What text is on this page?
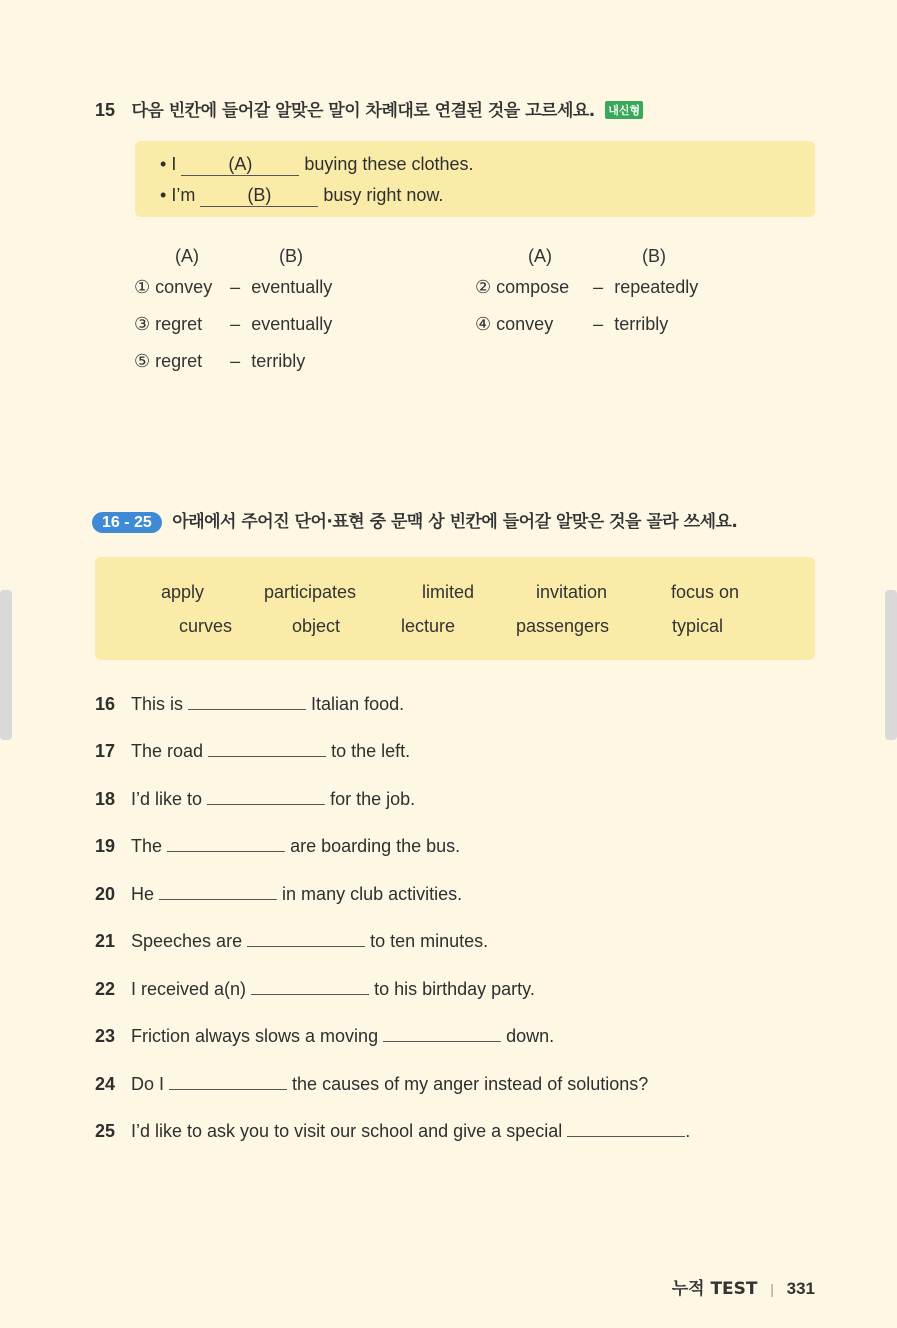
15 다음 빈칸에 들어갈 알맞은 말이 차례대로 연결된 것을 고르세요. 내신형
• I	(A)	buying these clothes.
• I’m	(B)	busy right now.
(A)	(B)	(A)	(B)
① convey – eventually	② compose – repeatedly
③ regret – eventually	④ convey – terribly
⑤ regret – terribly
16 - 25 아래에서 주어진 단어·표현 중 문맥 상 빈칸에 들어갈 알맞은 것을 골라 쓰세요.
apply	participates	limited	invitation	focus on
curves	object	lecture	passengers	typical
16 This is	Italian food.
17 The road	to the left.
18 I’d like to	for the job.
19 The	are boarding the bus.
20 He	in many club activities.
21 Speeches are	to ten minutes.
22 I received a(n)	to his birthday party.
23 Friction always slows a moving	down.
24 Do I	the causes of my anger instead of solutions?
25 I’d like to ask you to visit our school and give a special	.
누적 TEST | 331
